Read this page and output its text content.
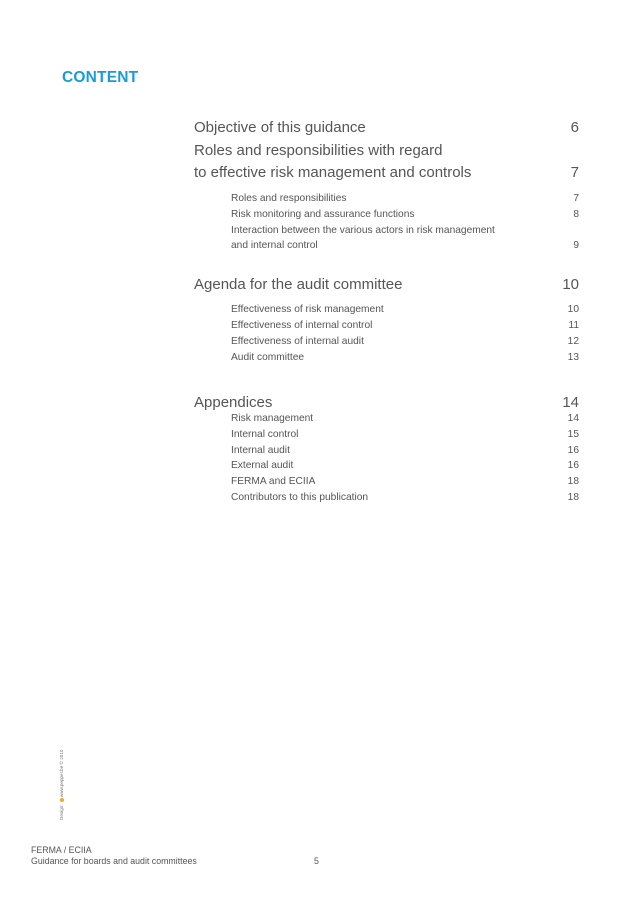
CONTENT
Objective of this guidance	6
Roles and responsibilities with regard
to effective risk management and controls	7
Roles and responsibilities	7
Risk monitoring and assurance functions	8
Interaction between the various actors in risk management
and internal control	9
Agenda for the audit committee	10
Effectiveness of risk management	10
Effectiveness of internal control	11
Effectiveness of internal audit	12
Audit committee	13
Appendices	14
Risk management	14
Internal control	15
Internal audit	16
External audit	16
FERMA and ECIIA	18
Contributors to this publication	18
Design: www.pepper.be © 2010
FERMA / ECIIA
Guidance for boards and audit committees	5
